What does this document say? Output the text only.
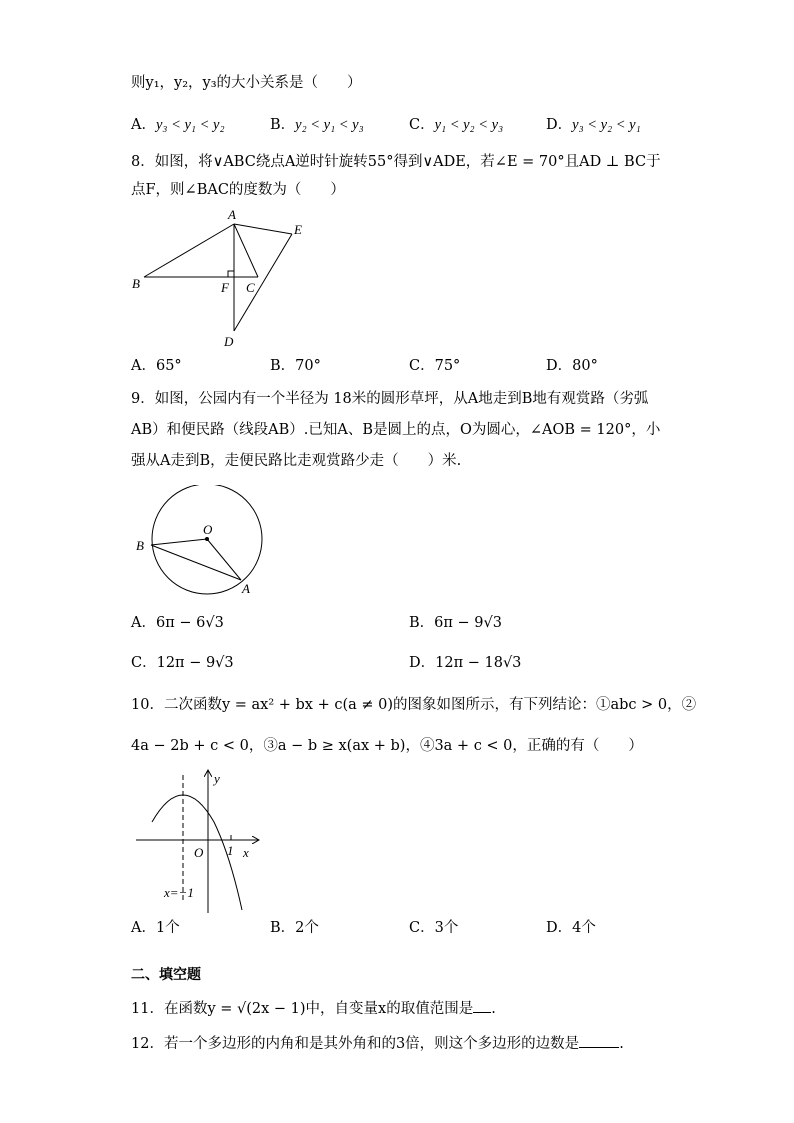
则y₁，y₂，y₃的大小关系是（　　）
A．y₃ < y₁ < y₂	B．y₂ < y₁ < y₃	C．y₁ < y₂ < y₃	D．y₃ < y₂ < y₁
8．如图，将∨ABC绕点A逆时针旋转55°得到∨ADE，若∠E = 70°且AD ⊥ BC于
点F，则∠BAC的度数为（　　）
A
B	F C
E
D
A．65°	B．70°	C．75°	D．80°
9．如图，公园内有一个半径为 18米的圆形草坪，从A地走到B地有观赏路（劣弧
AB）和便民路（线段AB）.已知A、B是圆上的点，O为圆心，∠AOB = 120°，小
强从A走到B，走便民路比走观赏路少走（　　）米.
O
B
A
A．6π − 6√3	B．6π − 9√3
C．12π − 9√3	D．12π − 18√3
10．二次函数y = ax² + bx + c(a ≠ 0)的图象如图所示，有下列结论：①abc > 0，②
4a − 2b + c < 0，③a − b ≥ x(ax + b)，④3a + c < 0，正确的有（　　）
y
x
O 1
x=−1
A．1个	B．2个	C．3个	D．4个
二、填空题
11．在函数y = √(2x − 1)中，自变量x的取值范围是 .
12．若一个多边形的内角和是其外角和的3倍，则这个多边形的边数是	.
